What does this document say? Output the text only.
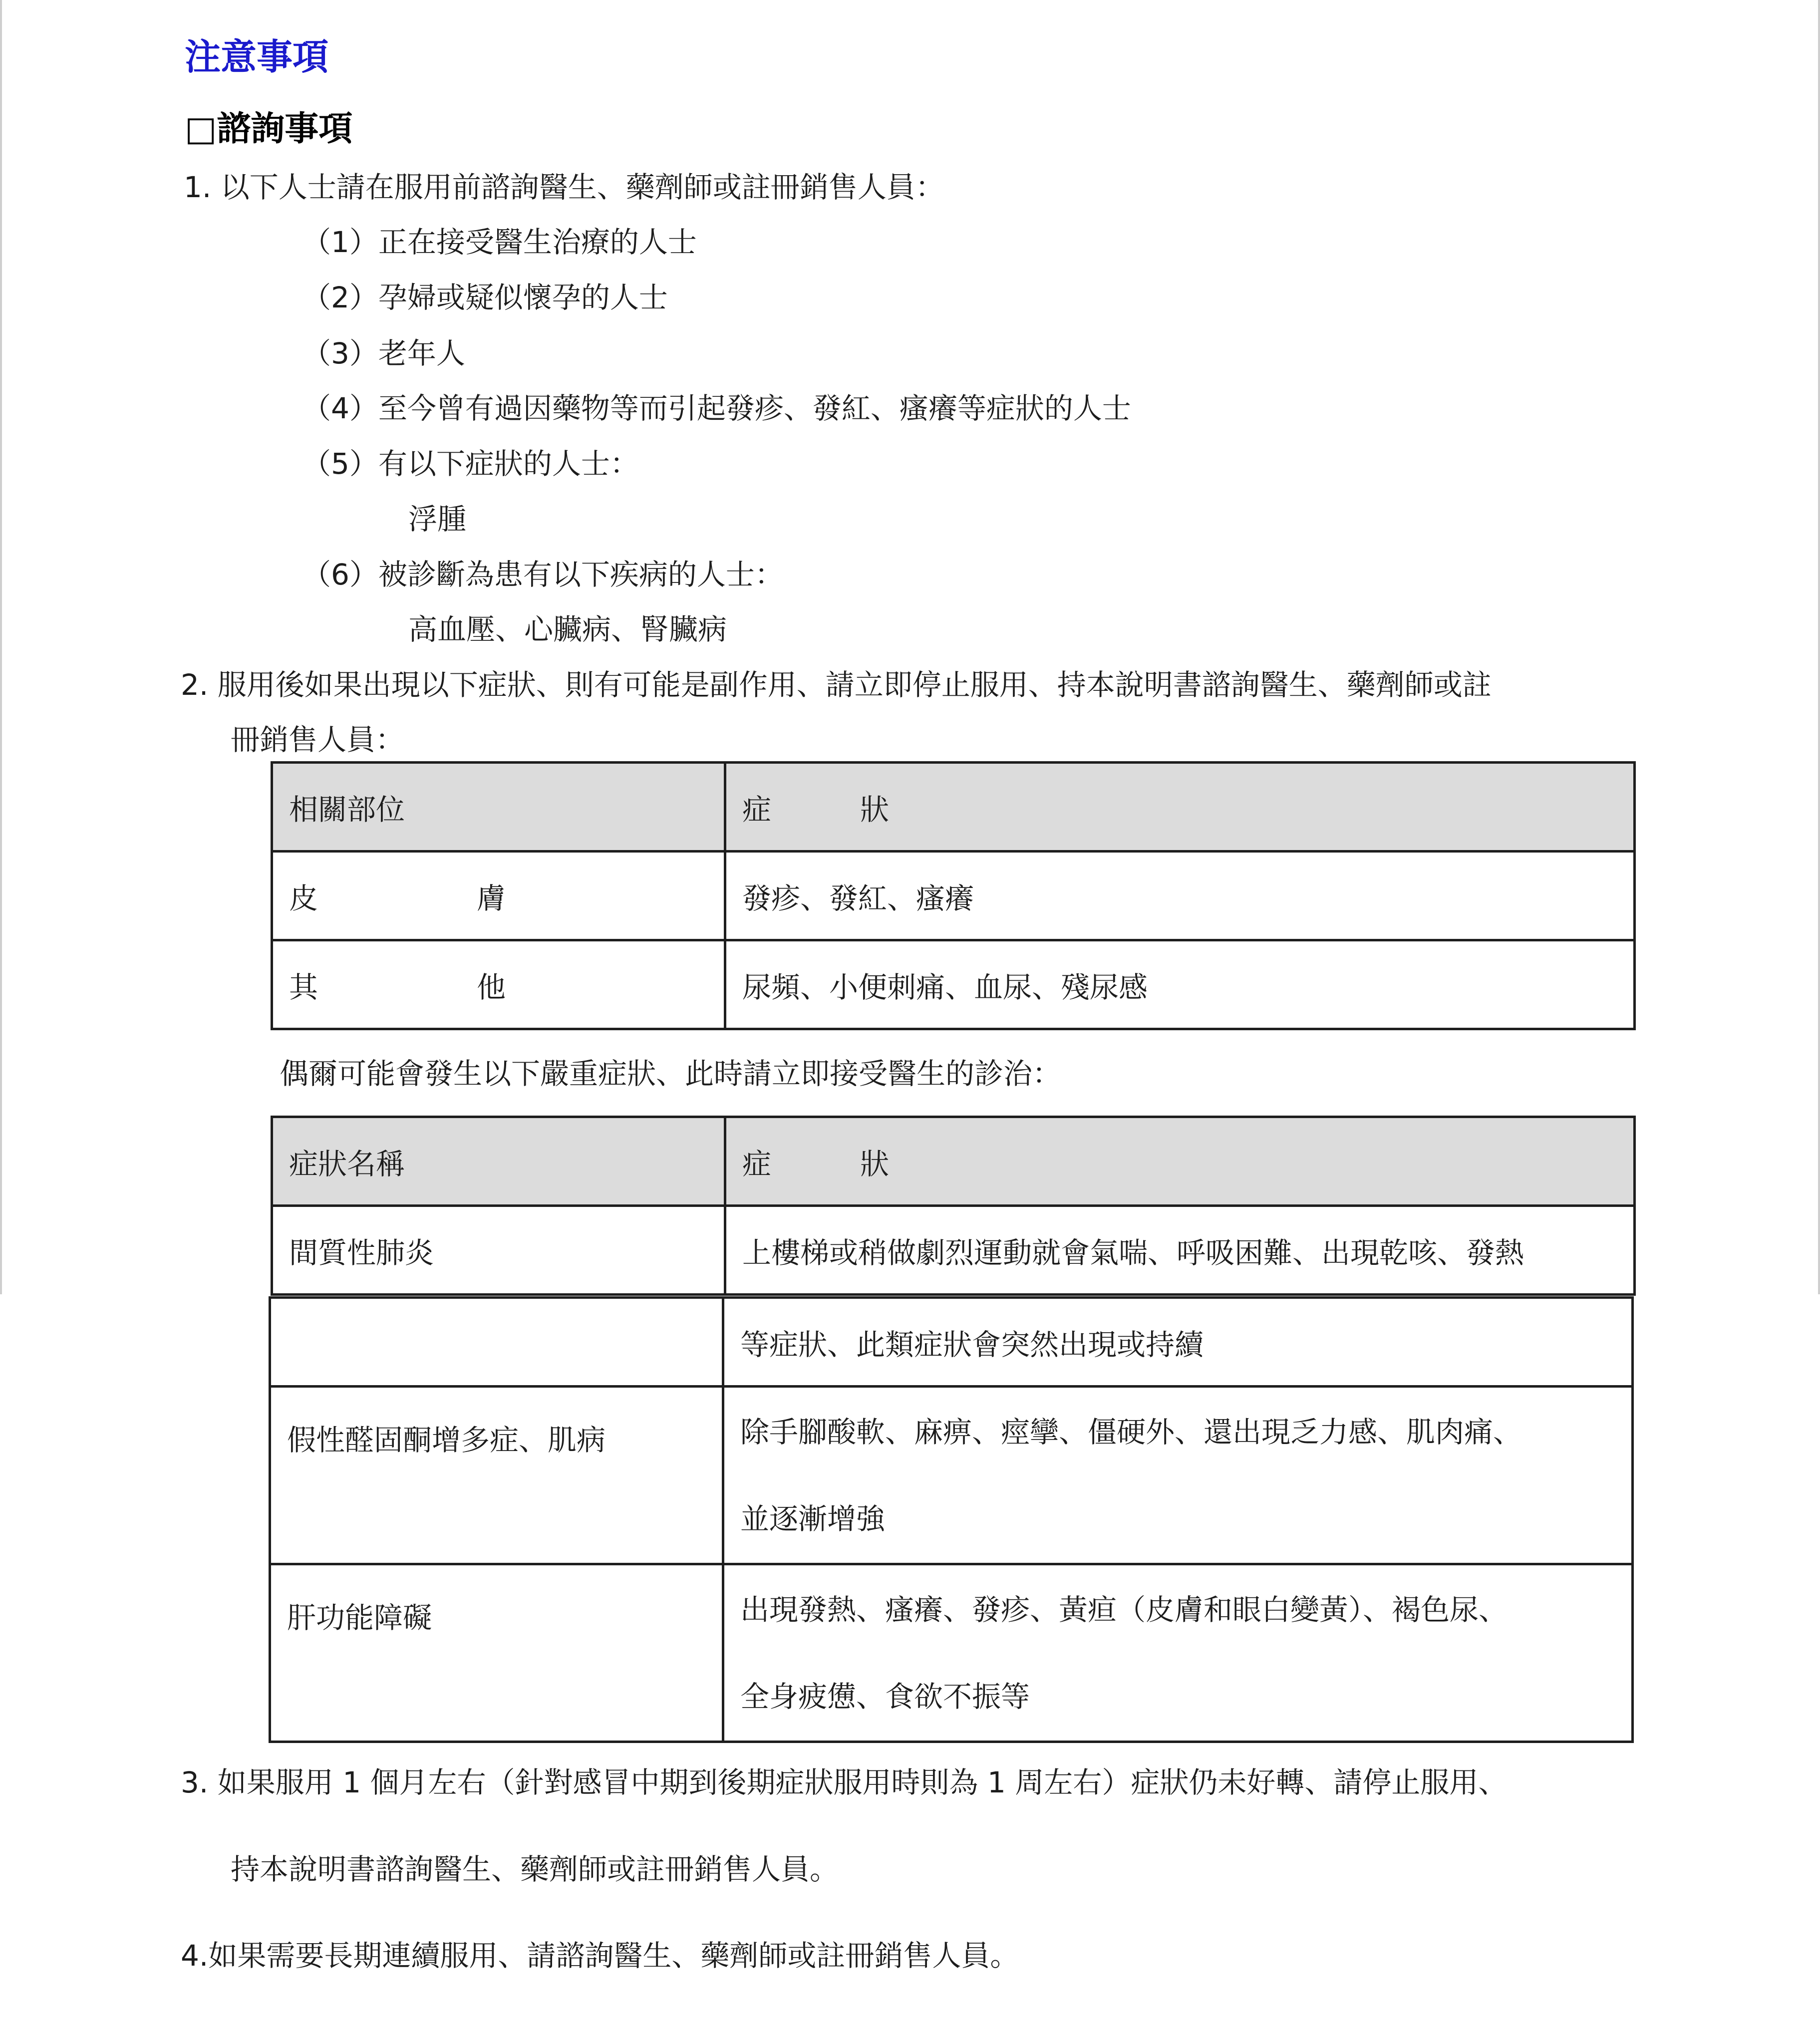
注意事項
□諮詢事項
1. 以下人士請在服用前諮詢醫生、藥劑師或註冊銷售人員：
（1）正在接受醫生治療的人士
（2）孕婦或疑似懷孕的人士
（3）老年人
（4）至今曾有過因藥物等而引起發疹、發紅、瘙癢等症狀的人士
（5）有以下症狀的人士：
浮腫
（6）被診斷為患有以下疾病的人士：
高血壓、心臟病、腎臟病
2. 服用後如果出現以下症狀、則有可能是副作用、請立即停止服用、持本說明書諮詢醫生、藥劑師或註
冊銷售人員：
相關部位	症　狀
皮　膚	發疹、發紅、瘙癢
其　他	尿頻、小便刺痛、血尿、殘尿感
偶爾可能會發生以下嚴重症狀、此時請立即接受醫生的診治：
症狀名稱	症　狀
間質性肺炎	上樓梯或稍做劇烈運動就會氣喘、呼吸困難、出現乾咳、發熱
	等症狀、此類症狀會突然出現或持續
假性醛固酮增多症、肌病	除手腳酸軟、麻痹、痙攣、僵硬外、還出現乏力感、肌肉痛、
並逐漸增強

肝功能障礙	出現發熱、瘙癢、發疹、黃疸（皮膚和眼白變黃）、褐色尿、
全身疲憊、食欲不振等
3. 如果服用 1 個月左右（針對感冒中期到後期症狀服用時則為 1 周左右）症狀仍未好轉、請停止服用、
持本說明書諮詢醫生、藥劑師或註冊銷售人員。
4.如果需要長期連續服用、請諮詢醫生、藥劑師或註冊銷售人員。
